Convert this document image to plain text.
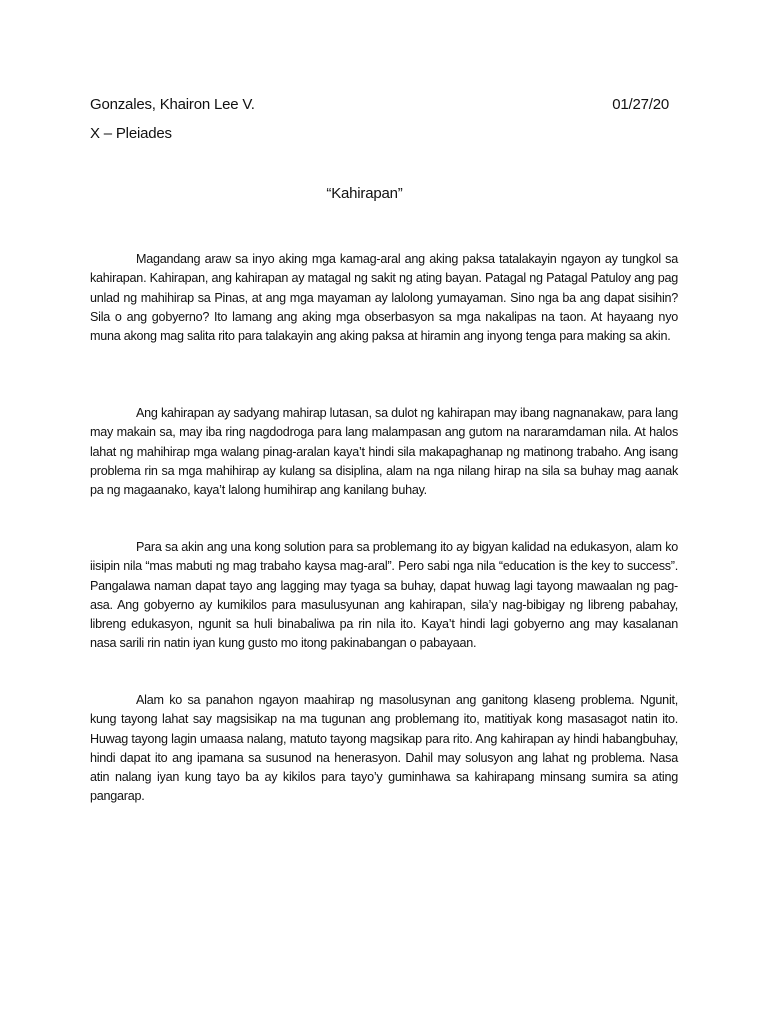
Gonzales, Khairon Lee V.	01/27/20
X – Pleiades
“Kahirapan”

Magandang araw sa inyo aking mga kamag-aral ang aking paksa tatalakayin ngayon ay tungkol sa kahirapan. Kahirapan, ang kahirapan ay matagal ng sakit ng ating bayan. Patagal ng Patagal Patuloy ang pag unlad ng mahihirap sa Pinas, at ang mga mayaman ay lalolong yumayaman. Sino nga ba ang dapat sisihin? Sila o ang gobyerno? Ito lamang ang aking mga obserbasyon sa mga nakalipas na taon. At hayaang nyo muna akong mag salita rito para talakayin ang aking paksa at hiramin ang inyong tenga para making sa akin.

Ang kahirapan ay sadyang mahirap lutasan, sa dulot ng kahirapan may ibang nagnanakaw, para lang may makain sa, may iba ring nagdodroga para lang malampasan ang gutom na nararamdaman nila. At halos lahat ng mahihirap mga walang pinag-aralan kaya’t hindi sila makapaghanap ng matinong trabaho. Ang isang problema rin sa mga mahihirap ay kulang sa disiplina, alam na nga nilang hirap na sila sa buhay mag aanak pa ng magaanako, kaya’t lalong humihirap ang kanilang buhay.

Para sa akin ang una kong solution para sa problemang ito ay bigyan kalidad na edukasyon, alam ko iisipin nila “mas mabuti ng mag trabaho kaysa mag-aral”. Pero sabi nga nila “education is the key to success”. Pangalawa naman dapat tayo ang lagging may tyaga sa buhay, dapat huwag lagi tayong mawaalan ng pag-asa. Ang gobyerno ay kumikilos para masulusyunan ang kahirapan, sila’y nag-bibigay ng libreng pabahay, libreng edukasyon, ngunit sa huli binabaliwa pa rin nila ito. Kaya’t hindi lagi gobyerno ang may kasalanan nasa sarili rin natin iyan kung gusto mo itong pakinabangan o pabayaan.

Alam ko sa panahon ngayon maahirap ng masolusynan ang ganitong klaseng problema. Ngunit, kung tayong lahat say magsisikap na ma tugunan ang problemang ito, matitiyak kong masasagot natin ito. Huwag tayong lagin umaasa nalang, matuto tayong magsikap para rito. Ang kahirapan ay hindi habangbuhay, hindi dapat ito ang ipamana sa susunod na henerasyon. Dahil may solusyon ang lahat ng problema. Nasa atin nalang iyan kung tayo ba ay kikilos para tayo’y guminhawa sa kahirapang minsang sumira sa ating pangarap.
